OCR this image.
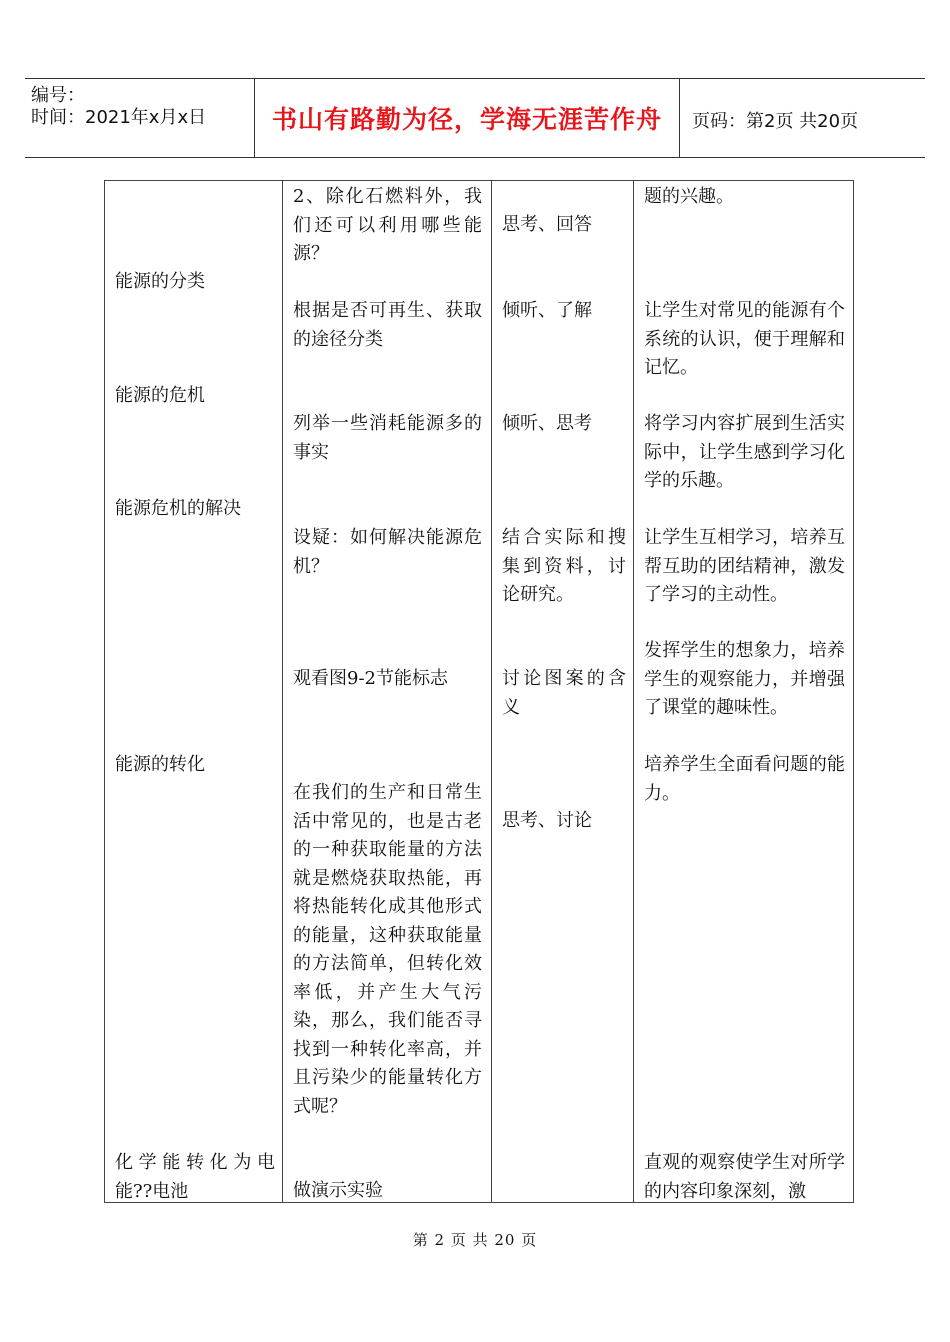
编号：
时间：2021年x月x日	书山有路勤为径，学海无涯苦作舟 页码：第2页 共20页
能源的分类
能源的危机
能源危机的解决
能源的转化
化学能转化为电能??电池
2、除化石燃料外，我们还可以利用哪些能源？
根据是否可再生、获取的途径分类
列举一些消耗能源多的事实
设疑：如何解决能源危机？
观看图9-2节能标志
在我们的生产和日常生活中常见的，也是古老的一种获取能量的方法就是燃烧获取热能，再将热能转化成其他形式的能量，这种获取能量的方法简单，但转化效率低，并产生大气污染，那么，我们能否寻找到一种转化率高，并且污染少的能量转化方式呢？
做演示实验
思考、回答
倾听、了解
倾听、思考
结合实际和搜集到资料，讨论研究。
讨论图案的含义
思考、讨论
题的兴趣。
让学生对常见的能源有个系统的认识，便于理解和记忆。
将学习内容扩展到生活实际中，让学生感到学习化学的乐趣。
让学生互相学习，培养互帮互助的团结精神，激发了学习的主动性。
发挥学生的想象力，培养学生的观察能力，并增强了课堂的趣味性。
培养学生全面看问题的能力。
直观的观察使学生对所学的内容印象深刻，激
第 2 页 共 20 页
